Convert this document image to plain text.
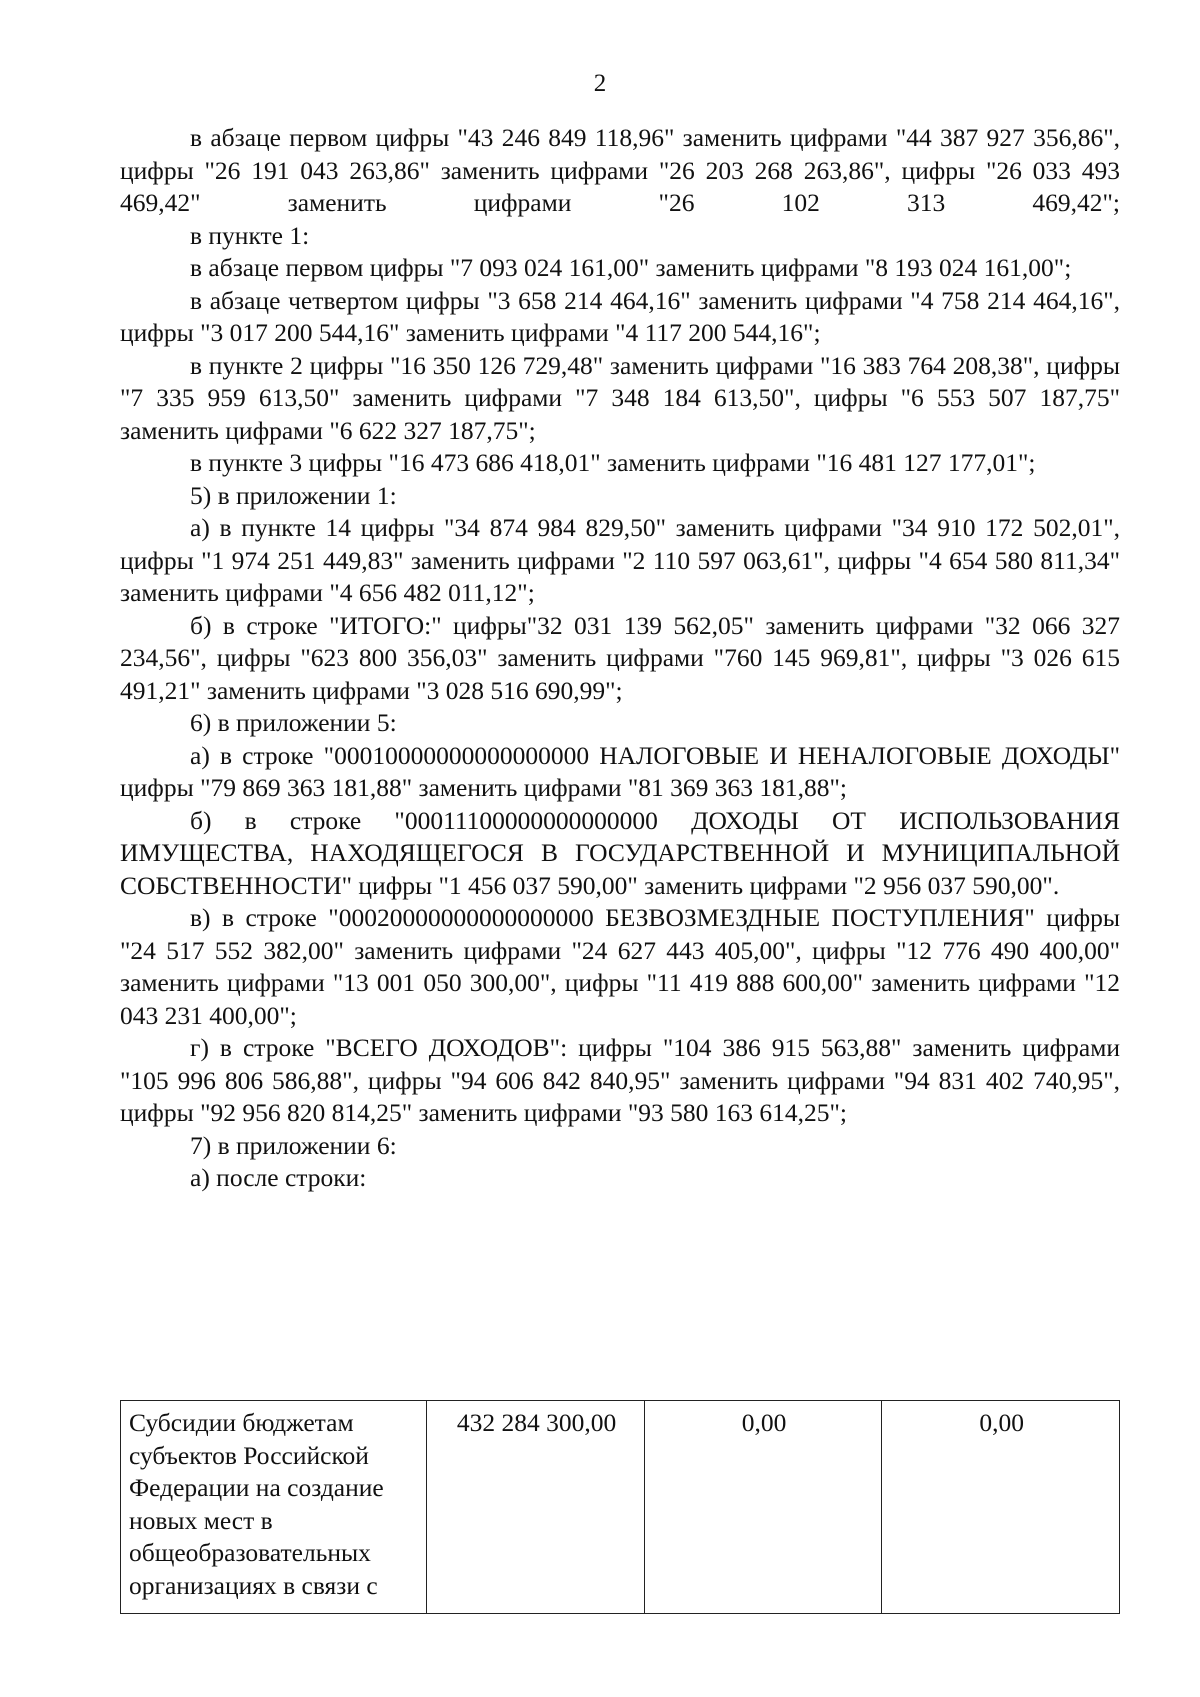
2

в абзаце первом цифры "43 246 849 118,96" заменить цифрами "44 387 927 356,86", цифры "26 191 043 263,86" заменить цифрами "26 203 268 263,86", цифры "26 033 493 469,42" заменить цифрами "26 102 313 469,42";

в пункте 1:

в абзаце первом цифры "7 093 024 161,00" заменить цифрами "8 193 024 161,00";

в абзаце четвертом цифры "3 658 214 464,16" заменить цифрами "4 758 214 464,16", цифры "3 017 200 544,16" заменить цифрами "4 117 200 544,16";

в пункте 2 цифры "16 350 126 729,48" заменить цифрами "16 383 764 208,38", цифры "7 335 959 613,50" заменить цифрами "7 348 184 613,50", цифры "6 553 507 187,75" заменить цифрами "6 622 327 187,75";

в пункте 3 цифры "16 473 686 418,01" заменить цифрами "16 481 127 177,01";

5) в приложении 1:

а) в пункте 14 цифры "34 874 984 829,50" заменить цифрами "34 910 172 502,01", цифры "1 974 251 449,83" заменить цифрами "2 110 597 063,61", цифры "4 654 580 811,34" заменить цифрами "4 656 482 011,12";

б) в строке "ИТОГО:" цифры"32 031 139 562,05" заменить цифрами "32 066 327 234,56", цифры "623 800 356,03" заменить цифрами "760 145 969,81", цифры "3 026 615 491,21" заменить цифрами "3 028 516 690,99";

6) в приложении 5:

а) в строке "00010000000000000000 НАЛОГОВЫЕ И НЕНАЛОГОВЫЕ ДОХОДЫ" цифры "79 869 363 181,88" заменить цифрами "81 369 363 181,88";

б) в строке "00011100000000000000 ДОХОДЫ ОТ ИСПОЛЬЗОВАНИЯ ИМУЩЕСТВА, НАХОДЯЩЕГОСЯ В ГОСУДАРСТВЕННОЙ И МУНИЦИПАЛЬНОЙ СОБСТВЕННОСТИ" цифры "1 456 037 590,00" заменить цифрами "2 956 037 590,00".

в) в строке "00020000000000000000 БЕЗВОЗМЕЗДНЫЕ ПОСТУПЛЕНИЯ" цифры "24 517 552 382,00" заменить цифрами "24 627 443 405,00", цифры "12 776 490 400,00" заменить цифрами "13 001 050 300,00", цифры "11 419 888 600,00" заменить цифрами "12 043 231 400,00";

г) в строке "ВСЕГО ДОХОДОВ": цифры "104 386 915 563,88" заменить цифрами "105 996 806 586,88", цифры "94 606 842 840,95" заменить цифрами "94 831 402 740,95", цифры "92 956 820 814,25" заменить цифрами "93 580 163 614,25";

7) в приложении 6:

а) после строки:

Субсидии бюджетам субъектов Российской Федерации на создание новых мест в общеобразовательных организациях в связи с	432 284 300,00	0,00	0,00
